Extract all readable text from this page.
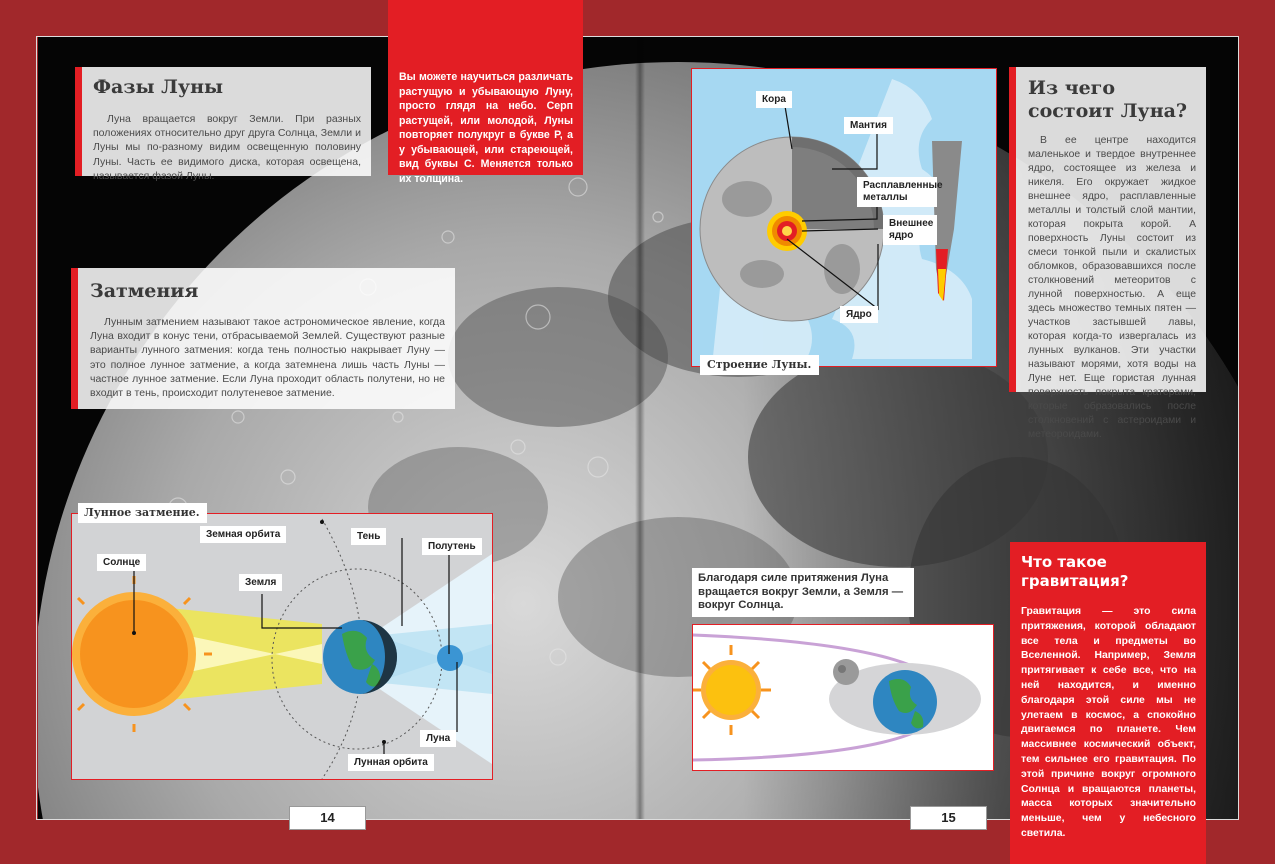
Фазы Луны

Луна вращается вокруг Земли. При разных положениях относительно друг друга Солнца, Земли и Луны мы по-разному видим освещенную половину Луны. Часть ее видимого диска, которая освещена, называется фазой Луны.

Вы можете научиться различать растущую и убывающую Луну, просто глядя на небо. Серп растущей, или молодой, Луны повторяет полукруг в букве Р, а у убывающей, или стареющей, вид буквы С. Меняется только их толщина.

Затмения

Лунным затмением называют такое астрономическое явление, когда Луна входит в конус тени, отбрасываемой Землей. Существуют разные варианты лунного затмения: когда тень полностью накрывает Луну — это полное лунное затмение, а когда затемнена лишь часть Луны — частное лунное затмение. Если Луна проходит область полутени, но не входит в тень, происходит полутеневое затмение.

Кора
Мантия
Расплавленные металлы
Внешнее ядро
Ядро
Строение Луны.
Из чего состоит Луна?

В ее центре находится маленькое и твердое внутреннее ядро, состоящее из железа и никеля. Его окружает жидкое внешнее ядро, расплавленные металлы и толстый слой мантии, которая покрыта корой. А поверхность Луны состоит из смеси тонкой пыли и скалистых обломков, образовавшихся после столкновений метеоритов с лунной поверхностью. А еще здесь множество темных пятен — участков застывшей лавы, которая когда-то извергалась из лунных вулканов. Эти участки называют морями, хотя воды на Луне нет. Еще гористая лунная поверхность покрыта кратерами, которые образовались после столкновений с астероидами и метеороидами.

Земная орбита	Тень
Полутень
Солнце
Земля
Луна
Лунная орбита
Лунное затмение.
Благодаря силе притяжения Луна вращается вокруг Земли, а Земля — вокруг Солнца.
Что такое гравитация?

Гравитация — это сила притяжения, которой обладают все тела и предметы во Вселенной. Например, Земля притягивает к себе все, что на ней находится, и именно благодаря этой силе мы не улетаем в космос, а спокойно двигаемся по планете. Чем массивнее космический объект, тем сильнее его гравитация. По этой причине вокруг огромного Солнца и вращаются планеты, масса которых значительно меньше, чем у небесного светила.

14	15
